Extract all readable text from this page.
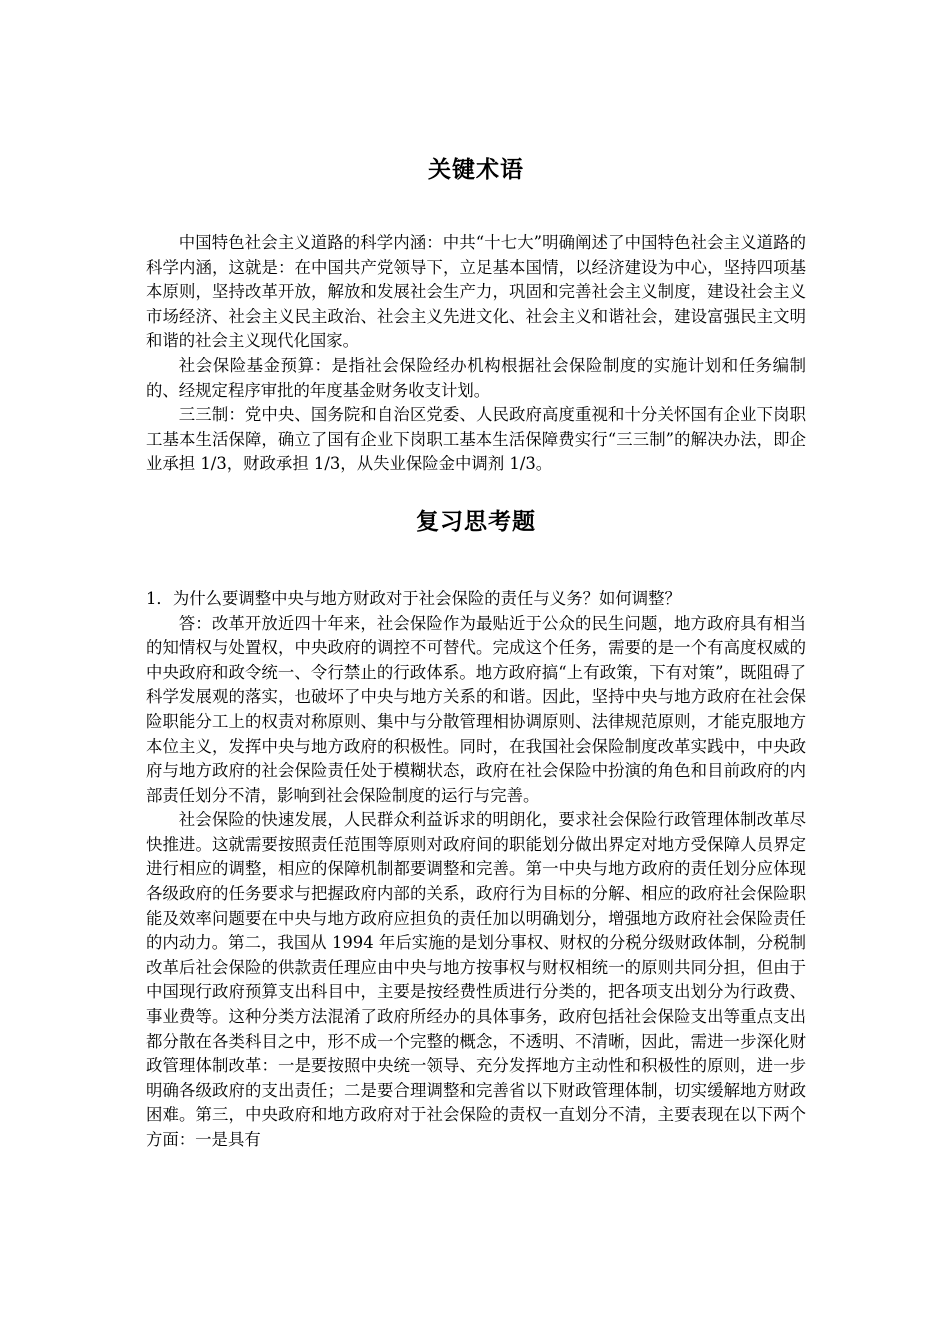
关键术语

中国特色社会主义道路的科学内涵：中共“十七大”明确阐述了中国特色社会主义道路的科学内涵，这就是：在中国共产党领导下，立足基本国情，以经济建设为中心，坚持四项基本原则，坚持改革开放，解放和发展社会生产力，巩固和完善社会主义制度，建设社会主义市场经济、社会主义民主政治、社会主义先进文化、社会主义和谐社会，建设富强民主文明和谐的社会主义现代化国家。

社会保险基金预算：是指社会保险经办机构根据社会保险制度的实施计划和任务编制的、经规定程序审批的年度基金财务收支计划。

三三制：党中央、国务院和自治区党委、人民政府高度重视和十分关怀国有企业下岗职工基本生活保障，确立了国有企业下岗职工基本生活保障费实行“三三制”的解决办法，即企业承担 1/3，财政承担 1/3，从失业保险金中调剂 1/3。

复习思考题

1．为什么要调整中央与地方财政对于社会保险的责任与义务？如何调整？

答：改革开放近四十年来，社会保险作为最贴近于公众的民生问题，地方政府具有相当的知情权与处置权，中央政府的调控不可替代。完成这个任务，需要的是一个有高度权威的中央政府和政令统一、令行禁止的行政体系。地方政府搞“上有政策，下有对策”，既阻碍了科学发展观的落实，也破坏了中央与地方关系的和谐。因此，坚持中央与地方政府在社会保险职能分工上的权责对称原则、集中与分散管理相协调原则、法律规范原则，才能克服地方本位主义，发挥中央与地方政府的积极性。同时，在我国社会保险制度改革实践中，中央政府与地方政府的社会保险责任处于模糊状态，政府在社会保险中扮演的角色和目前政府的内部责任划分不清，影响到社会保险制度的运行与完善。

社会保险的快速发展，人民群众利益诉求的明朗化，要求社会保险行政管理体制改革尽快推进。这就需要按照责任范围等原则对政府间的职能划分做出界定对地方受保障人员界定进行相应的调整，相应的保障机制都要调整和完善。第一中央与地方政府的责任划分应体现各级政府的任务要求与把握政府内部的关系，政府行为目标的分解、相应的政府社会保险职能及效率问题要在中央与地方政府应担负的责任加以明确划分，增强地方政府社会保险责任的内动力。第二，我国从 1994 年后实施的是划分事权、财权的分税分级财政体制，分税制改革后社会保险的供款责任理应由中央与地方按事权与财权相统一的原则共同分担，但由于中国现行政府预算支出科目中，主要是按经费性质进行分类的，把各项支出划分为行政费、事业费等。这种分类方法混淆了政府所经办的具体事务，政府包括社会保险支出等重点支出都分散在各类科目之中，形不成一个完整的概念，不透明、不清晰，因此，需进一步深化财政管理体制改革：一是要按照中央统一领导、充分发挥地方主动性和积极性的原则，进一步明确各级政府的支出责任；二是要合理调整和完善省以下财政管理体制，切实缓解地方财政困难。第三，中央政府和地方政府对于社会保险的责权一直划分不清，主要表现在以下两个方面：一是具有
